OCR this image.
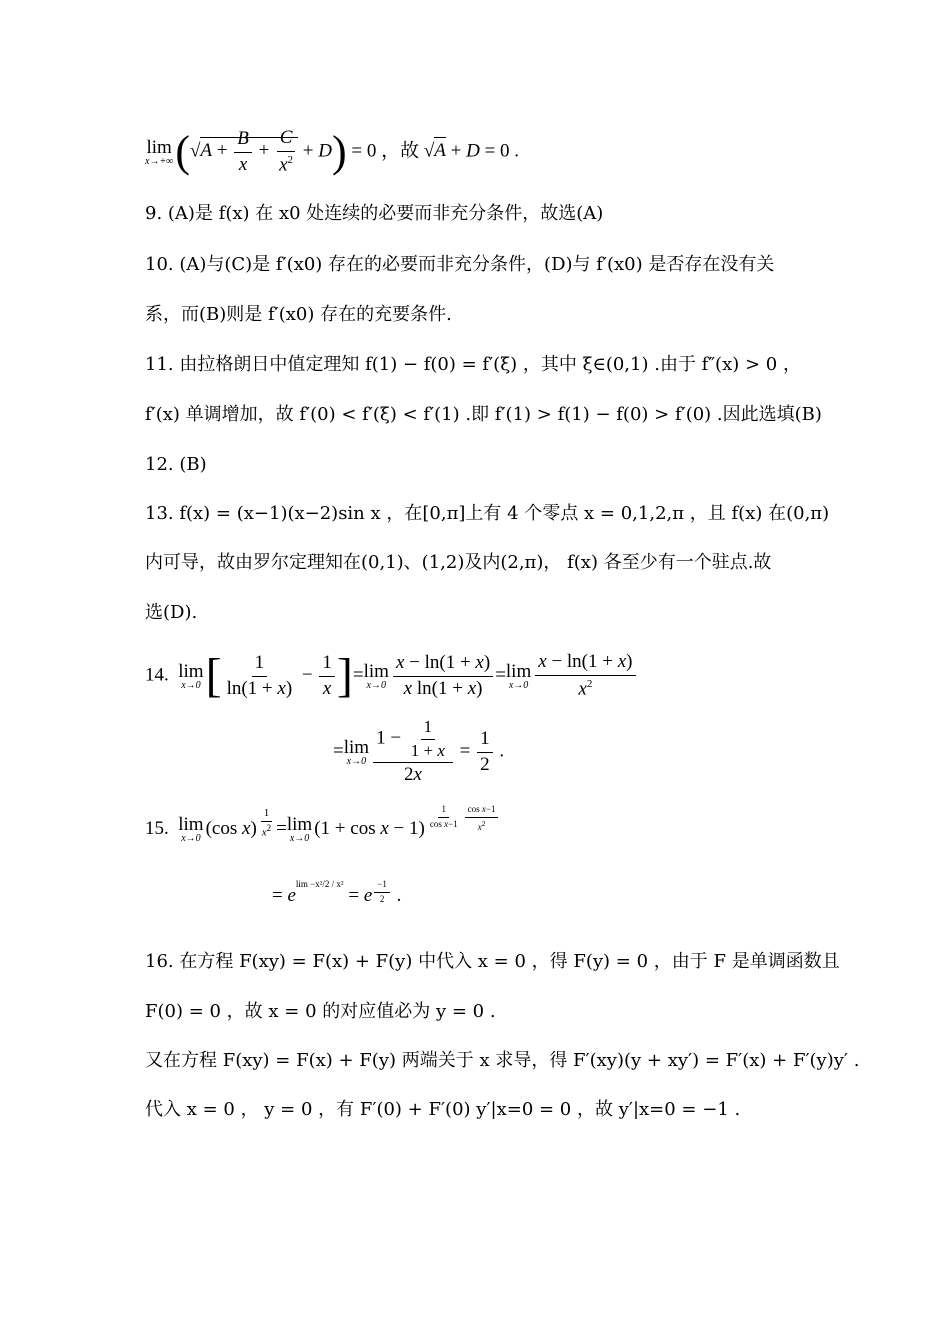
lim
x→+∞ $(√A + \frac{B}{x} + \frac{C}{x^2} + D) = 0$ ，故 √A + D = 0 .
9. (A)是 f(x) 在 x0 处连续的必要而非充分条件，故选(A)
10. (A)与(C)是 f′(x0) 存在的必要而非充分条件，(D)与 f′(x0) 是否存在没有关
系，而(B)则是 f′(x0) 存在的充要条件.
11. 由拉格朗日中值定理知 f(1) − f(0) = f′(ξ) ，其中 ξ∈(0,1) .由于 f″(x) > 0 ，
f′(x) 单调增加，故 f′(0) < f′(ξ) < f′(1) .即 f′(1) > f(1) − f(0) > f′(0) .因此选填(B)
12. (B)
13. f(x) = (x−1)(x−2)sin x ，在[0,π]上有 4 个零点 x = 0,1,2,π ，且 f(x) 在(0,π)
内可导，故由罗尔定理知在(0,1)、(1,2)及内(2,π)， f(x) 各至少有一个驻点.故
选(D).
14. lim
x→0 [ $\frac{1}{\ln(1 + x)} - \frac{1}{x}$ ]= lim
$x\to 0 \frac{x - \ln(1 + x)}{\text{x ln(1 + x)}} = \lim$
$x\to 0 \frac{x - \ln(1 + x)}{x^2}$
= lim
$x\to 0 \frac{1 - \frac{1}{1 + x}}{2x} = \frac{1}{2}$ .
15. lim
x→0 (cos $x) \frac{1}{x^2} = \lim$
x→0 $(1 + \cos x - 1) \frac{1}{\text{cos x−1}} \frac{\text{cos x−1}}{x^2}$
= $e^{lim -x^2/2 / x^2} = e \frac{-1}{2}$ .
16. 在方程 F(xy) = F(x) + F(y) 中代入 x = 0 ，得 F(y) = 0 ，由于 F 是单调函数且
F(0) = 0 ，故 x = 0 的对应值必为 y = 0 .
又在方程 F(xy) = F(x) + F(y) 两端关于 x 求导，得 F′(xy)(y + xy′) = F′(x) + F′(y)y′ .
代入 x = 0 ， y = 0 ，有 F′(0) + F′(0) y′|x=0 = 0 ，故 y′|x=0 = −1 .
